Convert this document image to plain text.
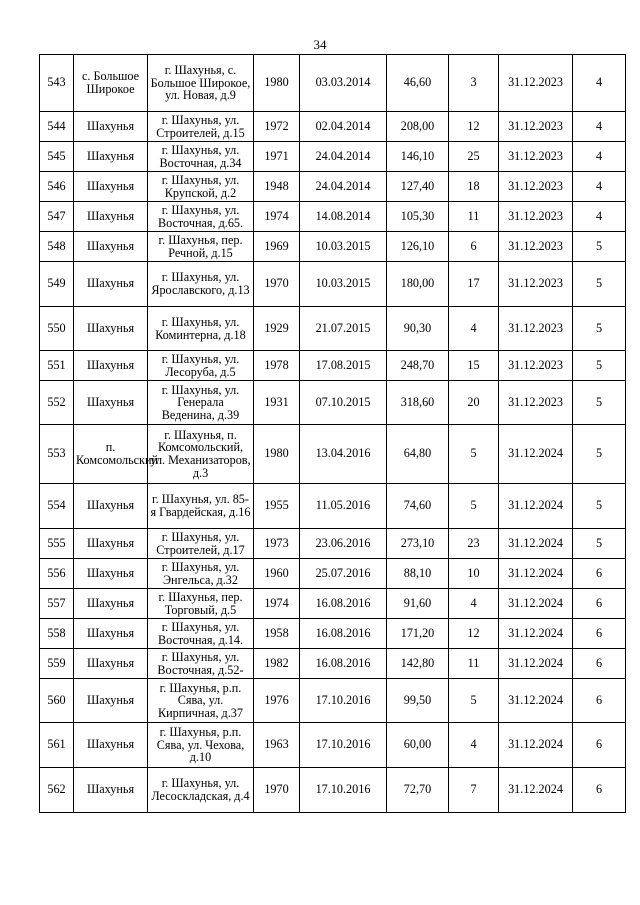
34
543	с. Большое Широкое	г. Шахунья, с. Большое Широкое, ул. Новая, д.9	1980	03.03.2014	46,60	3	31.12.2023	4
544	Шахунья	г. Шахунья, ул. Строителей, д.15	1972	02.04.2014	208,00	12	31.12.2023	4
545	Шахунья	г. Шахунья, ул. Восточная, д.34	1971	24.04.2014	146,10	25	31.12.2023	4
546	Шахунья	г. Шахунья, ул. Крупской, д.2	1948	24.04.2014	127,40	18	31.12.2023	4
547	Шахунья	г. Шахунья, ул. Восточная, д.65.	1974	14.08.2014	105,30	11	31.12.2023	4
548	Шахунья	г. Шахунья, пер. Речной, д.15	1969	10.03.2015	126,10	6	31.12.2023	5
549	Шахунья	г. Шахунья, ул. Ярославского, д.13	1970	10.03.2015	180,00	17	31.12.2023	5
550	Шахунья	г. Шахунья, ул. Коминтерна, д.18	1929	21.07.2015	90,30	4	31.12.2023	5
551	Шахунья	г. Шахунья, ул. Лесоруба, д.5	1978	17.08.2015	248,70	15	31.12.2023	5
552	Шахунья	г. Шахунья, ул. Генерала Веденина, д.39	1931	07.10.2015	318,60	20	31.12.2023	5
553	п. Комсомольский	г. Шахунья, п. Комсомольский, ул. Механизаторов, д.3	1980	13.04.2016	64,80	5	31.12.2024	5
554	Шахунья	г. Шахунья, ул. 85-я Гвардейская, д.16	1955	11.05.2016	74,60	5	31.12.2024	5
555	Шахунья	г. Шахунья, ул. Строителей, д.17	1973	23.06.2016	273,10	23	31.12.2024	5
556	Шахунья	г. Шахунья, ул. Энгельса, д.32	1960	25.07.2016	88,10	10	31.12.2024	6
557	Шахунья	г. Шахунья, пер. Торговый, д.5	1974	16.08.2016	91,60	4	31.12.2024	6
558	Шахунья	г. Шахунья, ул. Восточная, д.14.	1958	16.08.2016	171,20	12	31.12.2024	6
559	Шахунья	г. Шахунья, ул. Восточная, д.52-	1982	16.08.2016	142,80	11	31.12.2024	6
560	Шахунья	г. Шахунья, р.п. Сява, ул. Кирпичная, д.37	1976	17.10.2016	99,50	5	31.12.2024	6
561	Шахунья	г. Шахунья, р.п. Сява, ул. Чехова, д.10	1963	17.10.2016	60,00	4	31.12.2024	6
562	Шахунья	г. Шахунья, ул. Лесоскладская, д.4	1970	17.10.2016	72,70	7	31.12.2024	6
